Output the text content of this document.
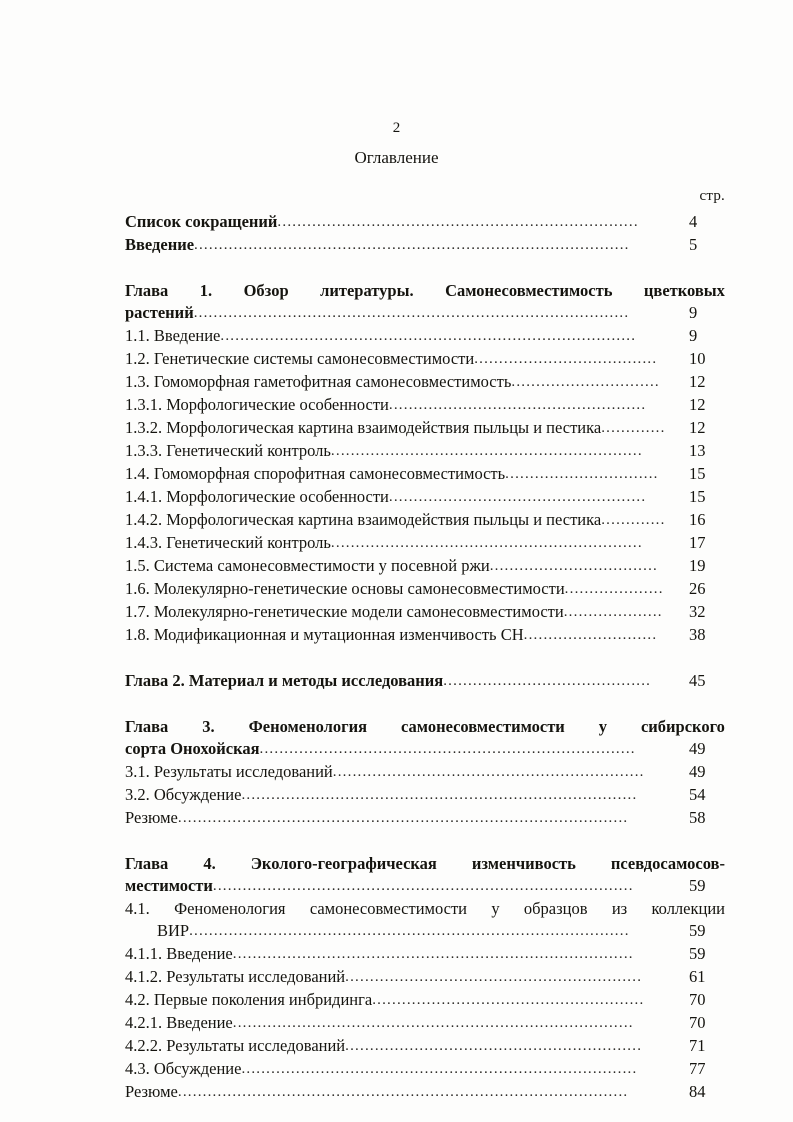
2
Оглавление
стр.
Список сокращений .........................................................................	4
Введение ........................................................................................	5
Глава 1. Обзор литературы. Самонесовместимость цветковых
растений ........................................................................................	9
1.1. Введение ....................................................................................	9
1.2. Генетические системы самонесовместимости .....................................	10
1.3. Гомоморфная гаметофитная самонесовместимость ..............................	12
1.3.1. Морфологические особенности ....................................................	12
1.3.2. Морфологическая картина взаимодействия пыльцы и пестика .............	12
1.3.3. Генетический контроль ...............................................................	13
1.4. Гомоморфная спорофитная самонесовместимость ...............................	15
1.4.1. Морфологические особенности ....................................................	15
1.4.2. Морфологическая картина взаимодействия пыльцы и пестика .............	16
1.4.3. Генетический контроль ...............................................................	17
1.5. Система самонесовместимости у посевной ржи ..................................	19
1.6. Молекулярно-генетические основы самонесовместимости ....................	26
1.7. Молекулярно-генетические модели самонесовместимости ....................	32
1.8. Модификационная и мутационная изменчивость СН ...........................	38
Глава 2. Материал и методы исследования ..........................................	45
Глава 3. Феноменология самонесовместимости у сибирского
сорта Онохойская ............................................................................	49
3.1. Результаты исследований ...............................................................	49
3.2. Обсуждение ................................................................................	54
Резюме ...........................................................................................	58
Глава 4. Эколого-географическая изменчивость псевдосамосов-
местимости .....................................................................................	59
4.1. Феноменология самонесовместимости у образцов из коллекции
ВИР .........................................................................................	59
4.1.1. Введение .................................................................................	59
4.1.2. Результаты исследований ............................................................	61
4.2. Первые поколения инбридинга .......................................................	70
4.2.1. Введение .................................................................................	70
4.2.2. Результаты исследований ............................................................	71
4.3. Обсуждение ................................................................................	77
Резюме ...........................................................................................	84
